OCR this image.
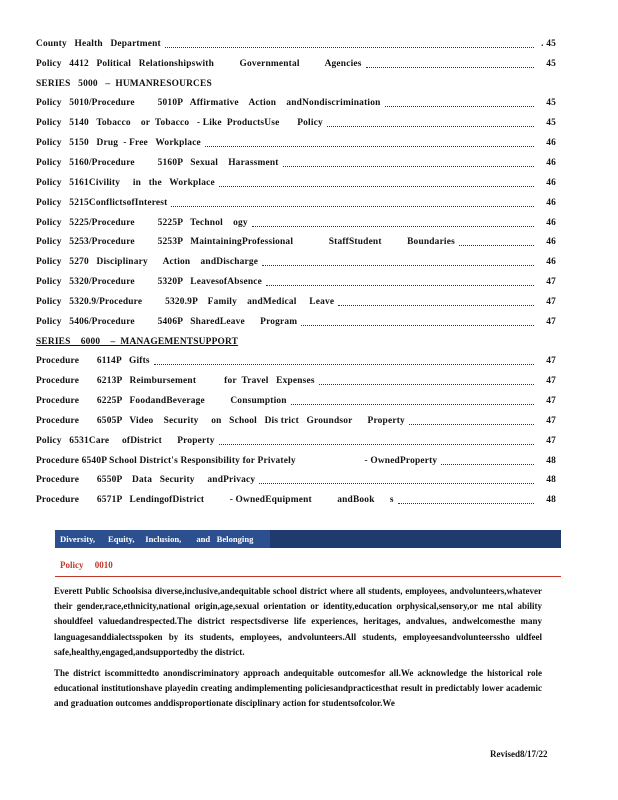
County   Health   Department	. 45
Policy   4412   Political   Relationshipswith          Governmental          Agencies	45
SERIES   5000   –  HUMANRESOURCES
Policy   5010/Procedure         5010P   Affirmative    Action    andNondiscrimination	45
Policy   5140   Tobacco    or  Tobacco   - Like  ProductsUse       Policy	45
Policy   5150   Drug  - Free   Workplace	46
Policy   5160/Procedure         5160P   Sexual    Harassment	46
Policy   5161Civility     in   the   Workplace	46
Policy   5215ConflictsofInterest	46
Policy   5225/Procedure         5225P   Technol    ogy	46
Policy   5253/Procedure         5253P   MaintainingProfessional              StaffStudent          Boundaries	46
Policy   5270   Disciplinary      Action    andDischarge	46
Policy   5320/Procedure         5320P   LeavesofAbsence	47
Policy   5320.9/Procedure         5320.9P    Family    andMedical     Leave	47
Policy   5406/Procedure         5406P   SharedLeave      Program	47
SERIES    6000    –  MANAGEMENTSUPPORT
Procedure       6114P   Gifts	47
Procedure       6213P   Reimbursement           for  Travel   Expenses	47
Procedure       6225P   FoodandBeverage          Consumption	47
Procedure       6505P   Video    Security     on   School   Dis trict   Groundsor      Property	47
Policy   6531Care     ofDistrict      Property	47
Procedure 6540P School District's Responsibility for Privately                           - OwnedProperty	48
Procedure       6550P    Data   Security     andPrivacy	48
Procedure       6571P   LendingofDistrict          - OwnedEquipment          andBook      s	48
Diversity,      Equity,     Inclusion,       and   Belonging
Policy     0010

Everett Public Schoolsisa diverse,inclusive,andequitable school district where all students, employees, andvolunteers,whatever their gender,race,ethnicity,national origin,age,sexual orientation or identity,education orphysical,sensory,or me ntal ability shouldfeel valuedandrespected.The district respectsdiverse life experiences, heritages, andvalues, andwelcomesthe many languagesanddialectsspoken by its students, employees, andvolunteers.All students, employeesandvolunteerssho uldfeel safe,healthy,engaged,andsupportedby the district.

The district iscommittedto anondiscriminatory approach andequitable outcomesfor all.We acknowledge the historical role educational institutionshave playedin creating andimplementing policiesandpracticesthat result in predictably lower academic and graduation outcomes anddisproportionate disciplinary action for studentsofcolor.We

Revised8/17/22
